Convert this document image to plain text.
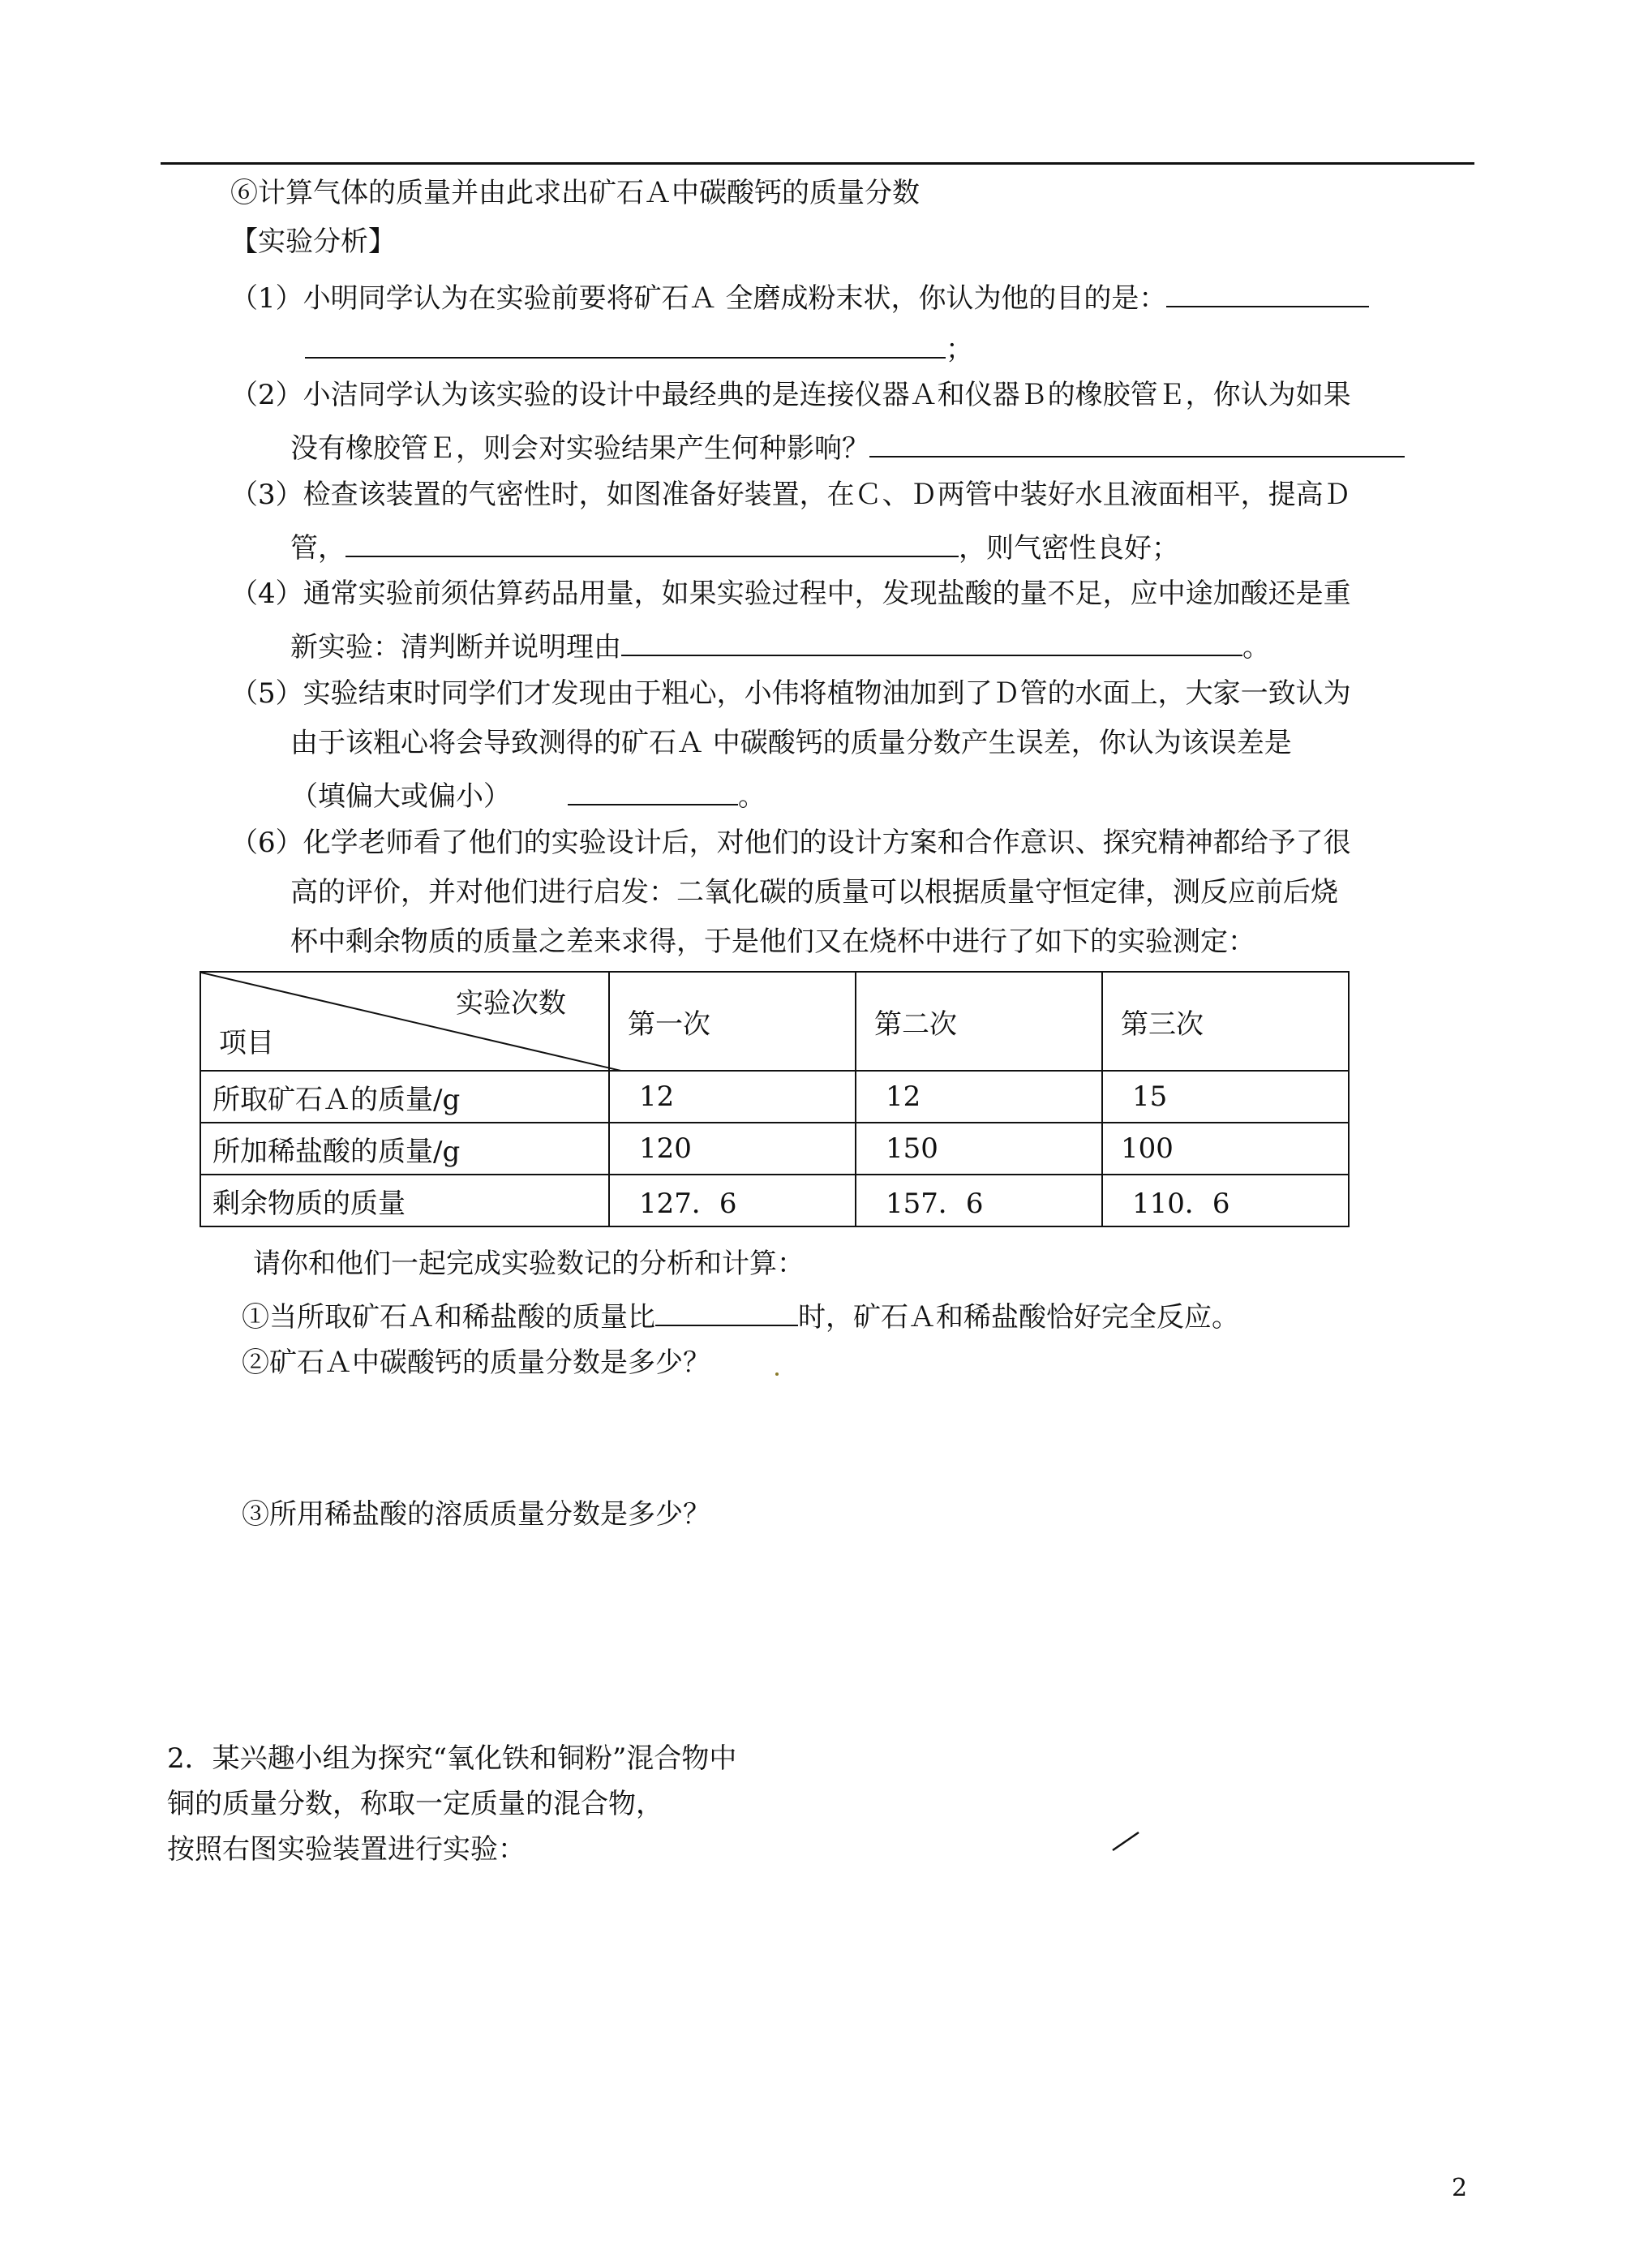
⑥计算气体的质量并由此求出矿石Ａ中碳酸钙的质量分数
【实验分析】
（1）小明同学认为在实验前要将矿石Ａ 全磨成粉末状，你认为他的目的是：
；
（2）小洁同学认为该实验的设计中最经典的是连接仪器Ａ和仪器Ｂ的橡胶管Ｅ，你认为如果
没有橡胶管Ｅ，则会对实验结果产生何种影响？
（3）检查该装置的气密性时，如图准备好装置，在Ｃ、Ｄ两管中装好水且液面相平，提高Ｄ
管，	，则气密性良好；
（4）通常实验前须估算药品用量，如果实验过程中，发现盐酸的量不足，应中途加酸还是重
新实验：清判断并说明理由	。
（5）实验结束时同学们才发现由于粗心，小伟将植物油加到了Ｄ管的水面上，大家一致认为
由于该粗心将会导致测得的矿石Ａ 中碳酸钙的质量分数产生误差，你认为该误差是
（填偏大或偏小）	。
（6）化学老师看了他们的实验设计后，对他们的设计方案和合作意识、探究精神都给予了很
高的评价，并对他们进行启发：二氧化碳的质量可以根据质量守恒定律，测反应前后烧
杯中剩余物质的质量之差来求得，于是他们又在烧杯中进行了如下的实验测定：
实验次数
项目	第一次	第二次	第三次
所取矿石Ａ的质量/g	12	12	15
所加稀盐酸的质量/g	120	150	100
剩余物质的质量	127．6	157．6	110．6
请你和他们一起完成实验数记的分析和计算：
①当所取矿石Ａ和稀盐酸的质量比	时，矿石Ａ和稀盐酸恰好完全反应。
②矿石Ａ中碳酸钙的质量分数是多少？
③所用稀盐酸的溶质质量分数是多少？
2．某兴趣小组为探究“氧化铁和铜粉”混合物中
铜的质量分数，称取一定质量的混合物，
按照右图实验装置进行实验：
2
